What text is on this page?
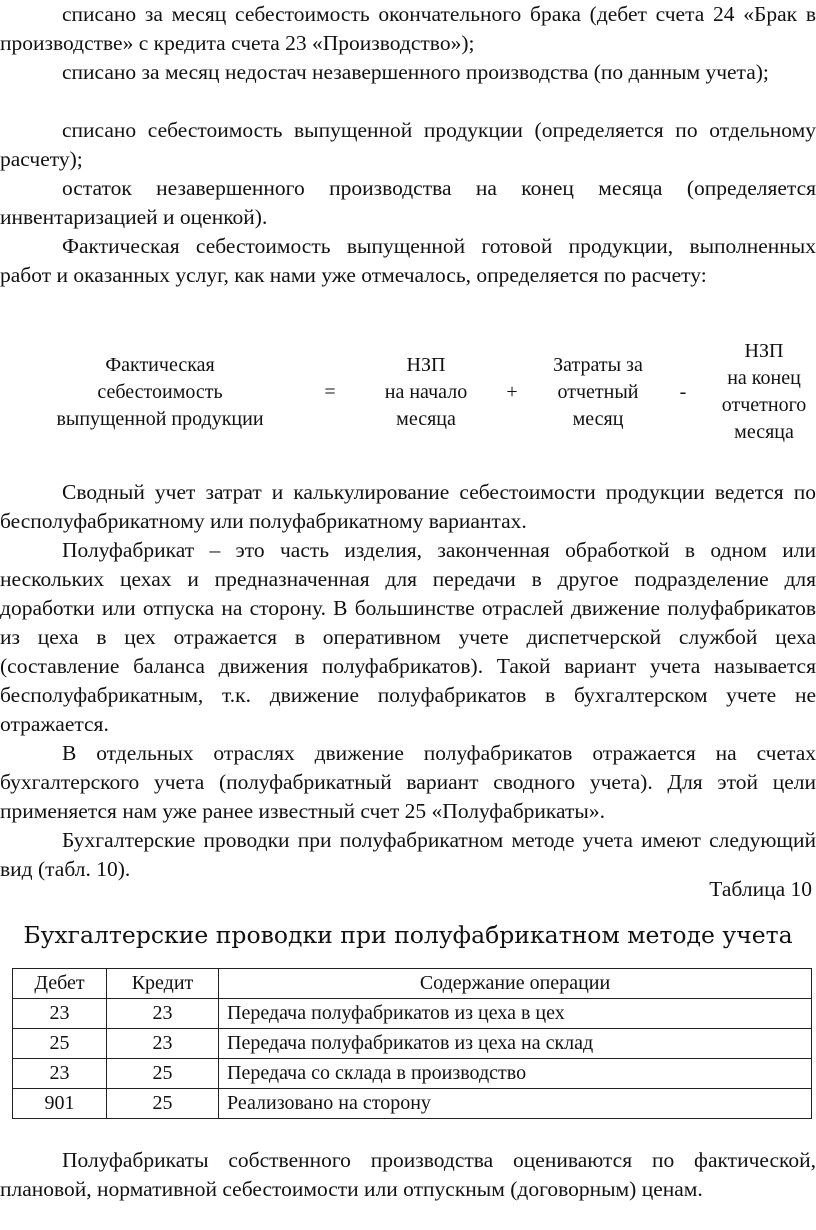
списано за месяц себестоимость окончательного брака (дебет счета 24 «Брак в производстве» с кредита счета 23 «Производство»);

списано за месяц недостач незавершенного производства (по данным учета);

списано себестоимость выпущенной продукции (определяется по отдельному расчету);

остаток незавершенного производства на конец месяца (определяется инвентаризацией и оценкой).

Фактическая себестоимость выпущенной готовой продукции, выполненных работ и оказанных услуг, как нами уже отмечалось, определяется по расчету:

Фактическая
себестоимость
выпущенной продукции
=
НЗП
на начало
месяца
+
Затраты за
отчетный
месяц
-
НЗП
на конец
отчетного
месяца

Сводный учет затрат и калькулирование себестоимости продукции ведется по бесполуфабрикатному или полуфабрикатному вариантах.

Полуфабрикат – это часть изделия, законченная обработкой в одном или нескольких цехах и предназначенная для передачи в другое подразделение для доработки или отпуска на сторону. В большинстве отраслей движение полуфабрикатов из цеха в цех отражается в оперативном учете диспетчерской службой цеха (составление баланса движения полуфабрикатов). Такой вариант учета называется бесполуфабрикатным, т.к. движение полуфабрикатов в бухгалтерском учете не отражается.

В отдельных отраслях движение полуфабрикатов отражается на счетах бухгалтерского учета (полуфабрикатный вариант сводного учета). Для этой цели применяется нам уже ранее известный счет 25 «Полуфабрикаты».

Бухгалтерские проводки при полуфабрикатном методе учета имеют следующий вид (табл. 10).

Таблица 10
Бухгалтерские проводки при полуфабрикатном методе учета
Дебет	Кредит	Содержание операции
23	23	Передача полуфабрикатов из цеха в цех
25	23	Передача полуфабрикатов из цеха на склад
23	25	Передача со склада в производство
901	25	Реализовано на сторону

Полуфабрикаты собственного производства оцениваются по фактической, плановой, нормативной себестоимости или отпускным (договорным) ценам.
